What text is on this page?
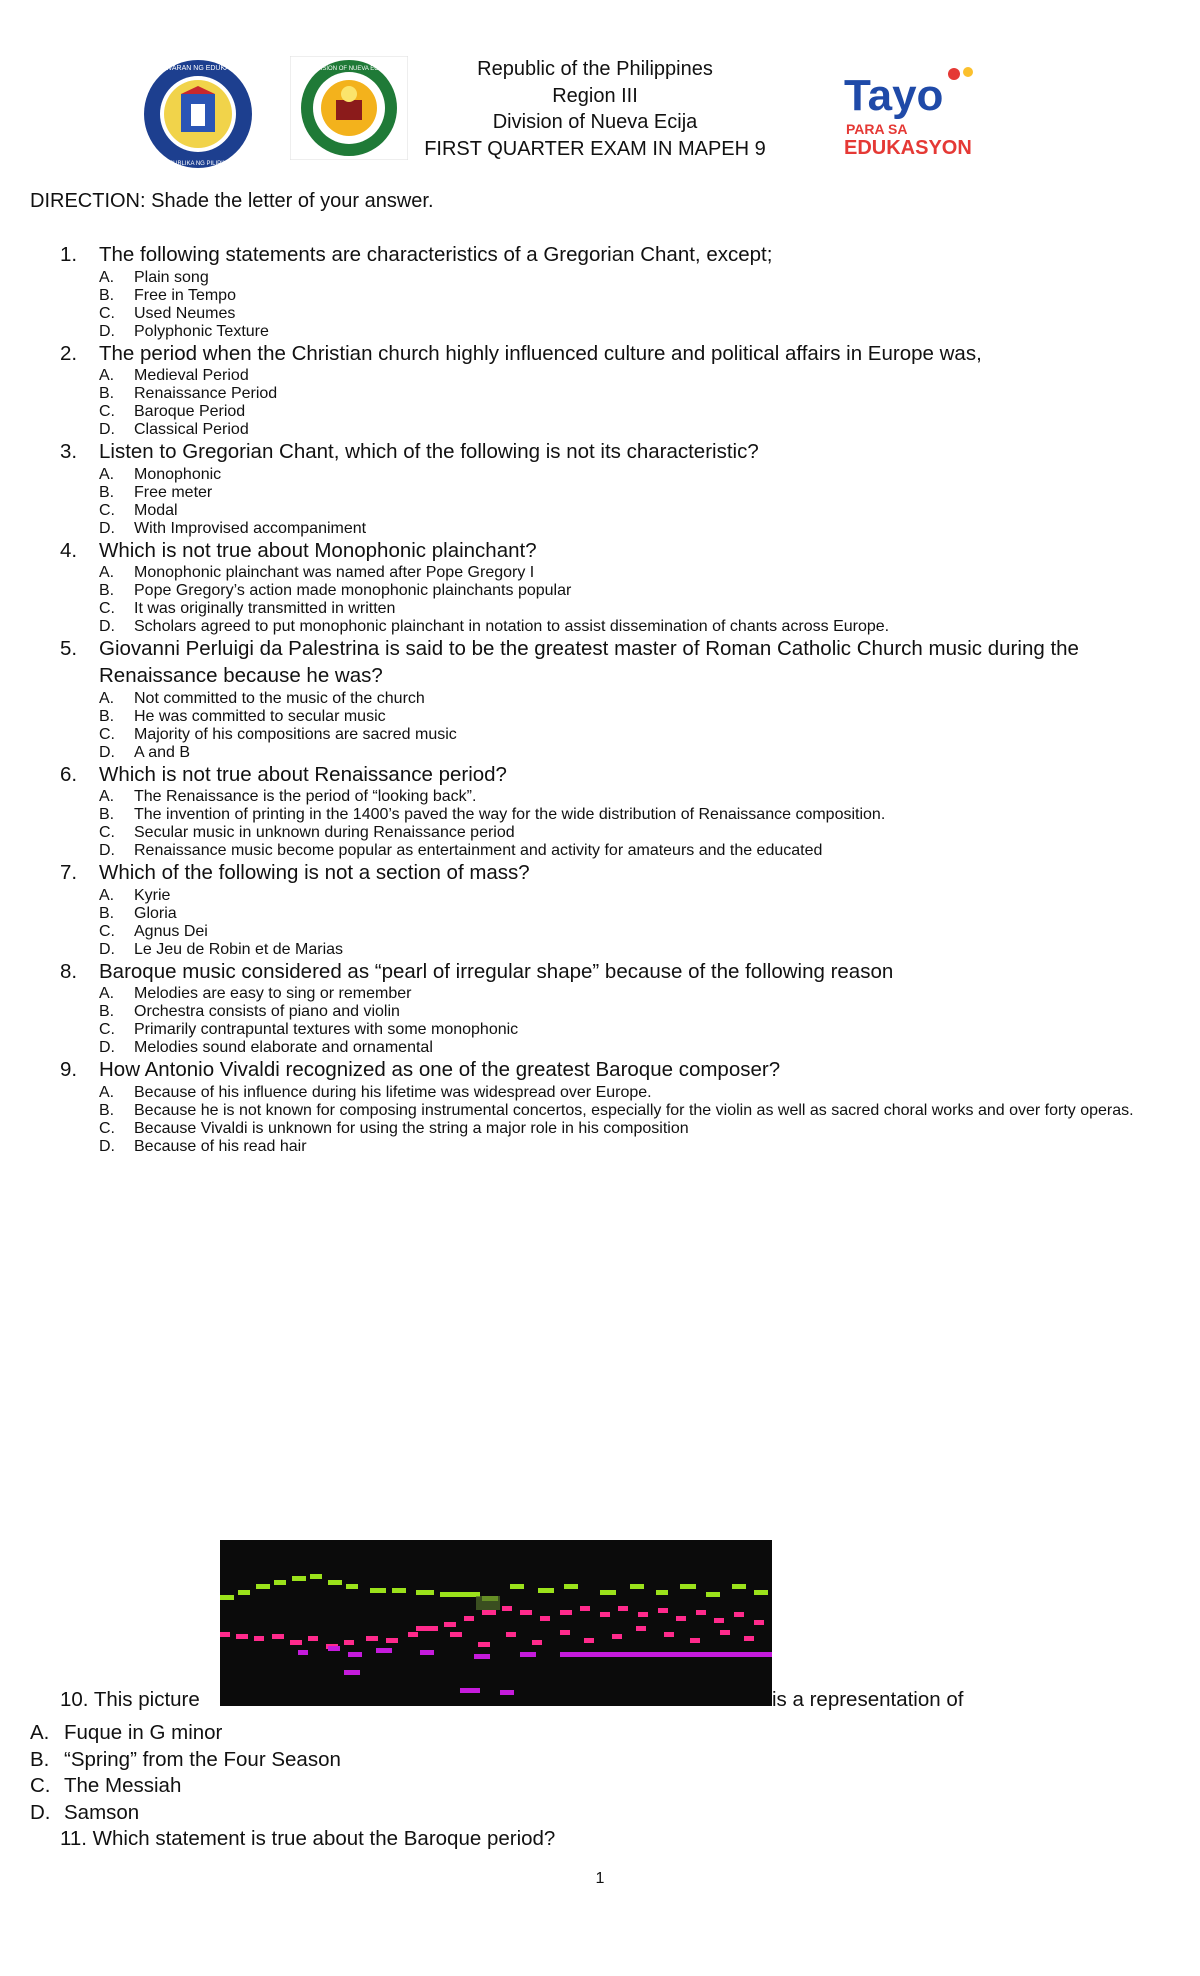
KAGAWARAN NG EDUKASYON
REPUBLIKA NG PILIPINAS
DIVISION OF NUEVA ECIJA	Republic of the Philippines
Region III
Division of Nueva Ecija
FIRST QUARTER EXAM IN MAPEH 9
Tayo
PARA SA
EDUKASYON
DIRECTION: Shade the letter of your answer.
1. The following statements are characteristics of a Gregorian Chant, except;
A. Plain song
B. Free in Tempo
C. Used Neumes
D. Polyphonic Texture
2. The period when the Christian church highly influenced culture and political affairs in Europe was,
A. Medieval Period
B. Renaissance Period
C. Baroque Period
D. Classical Period
3. Listen to Gregorian Chant, which of the following is not its characteristic?
A. Monophonic
B. Free meter
C. Modal
D. With Improvised accompaniment
4. Which is not true about Monophonic plainchant?
A. Monophonic plainchant was named after Pope Gregory I
B. Pope Gregory’s action made monophonic plainchants popular
C. It was originally transmitted in written
D. Scholars agreed to put monophonic plainchant in notation to assist dissemination of chants across Europe.
5. Giovanni Perluigi da Palestrina is said to be the greatest master of Roman Catholic Church music during the Renaissance because he was?
A. Not committed to the music of the church
B. He was committed to secular music
C. Majority of his compositions are sacred music
D. A and B
6. Which is not true about Renaissance period?
A. The Renaissance is the period of “looking back”.
B. The invention of printing in the 1400’s paved the way for the wide distribution of Renaissance composition.
C. Secular music in unknown during Renaissance period
D. Renaissance music become popular as entertainment and activity for amateurs and the educated
7. Which of the following is not a section of mass?
A. Kyrie
B. Gloria
C. Agnus Dei
D. Le Jeu de Robin et de Marias
8. Baroque music considered as “pearl of irregular shape” because of the following reason
A. Melodies are easy to sing or remember
B. Orchestra consists of piano and violin
C. Primarily contrapuntal textures with some monophonic
D. Melodies sound elaborate and ornamental
9. How Antonio Vivaldi recognized as one of the greatest Baroque composer?
A. Because of his influence during his lifetime was widespread over Europe.
B. Because he is not known for composing instrumental concertos, especially for the violin as well as sacred choral works and over forty operas.
C. Because Vivaldi is unknown for using the string a major role in his composition
D. Because of his read hair
10. This picture	is a representation of
A. Fuque in G minor
B. “Spring” from the Four Season
C. The Messiah
D. Samson
11. Which statement is true about the Baroque period?
1
